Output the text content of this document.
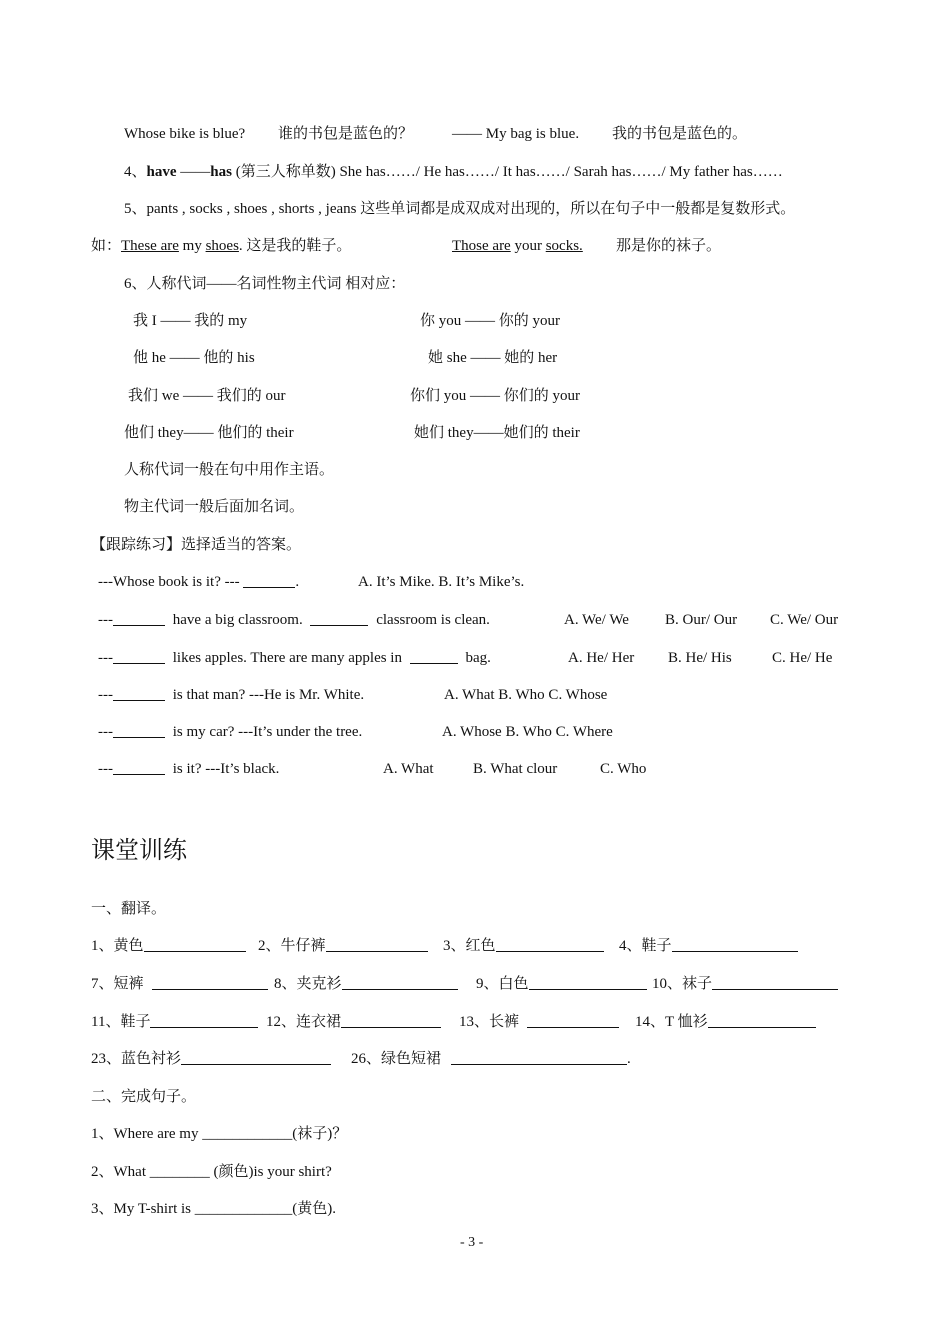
Whose bike is blue? 谁的书包是蓝色的？	—— My bag is blue. 我的书包是蓝色的。
4、have ——has (第三人称单数) She has……/ He has……/ It has……/ Sarah has……/ My father has……
5、pants , socks , shoes , shorts , jeans 这些单词都是成双成对出现的，所以在句子中一般都是复数形式。
如：These are my shoes. 这是我的鞋子。	Those are your socks. 那是你的袜子。
6、人称代词——名词性物主代词 相对应：
我 I —— 我的 my	你 you —— 你的 your
他 he —— 他的 his	她 she —— 她的 her
我们 we —— 我们的 our	你们 you —— 你们的 your
他们 they—— 他们的 their	她们 they——她们的 their
人称代词一般在句中用作主语。
物主代词一般后面加名词。
【跟踪练习】选择适当的答案。
---Whose book is it? ---	.	A. It’s Mike. B. It’s Mike’s.
---	have a big classroom.	classroom is clean.	A. We/ We B. Our/ Our C. We/ Our
---	likes apples. There are many apples in	bag.	A. He/ Her B. He/ His	C. He/ He
---	is that man? ---He is Mr. White.	A. What B. Who C. Whose
---	is my car? ---It’s under the tree.	A. Whose B. Who C. Where
---	is it? ---It’s black.	A. What	B. What clour	C. Who
课堂训练
一、翻译。
1、黄色	2、牛仔裤	3、红色	4、鞋子
7、短裤	8、夹克衫	9、白色	10、袜子
11、鞋子	12、连衣裙	13、长裤	14、T 恤衫
23、蓝色衬衫	26、绿色短裙	.
二、完成句子。
1、Where are my ____________(袜子)？
2、What ________ (颜色)is your shirt?
3、My T-shirt is _____________(黄色).
- 3 -
